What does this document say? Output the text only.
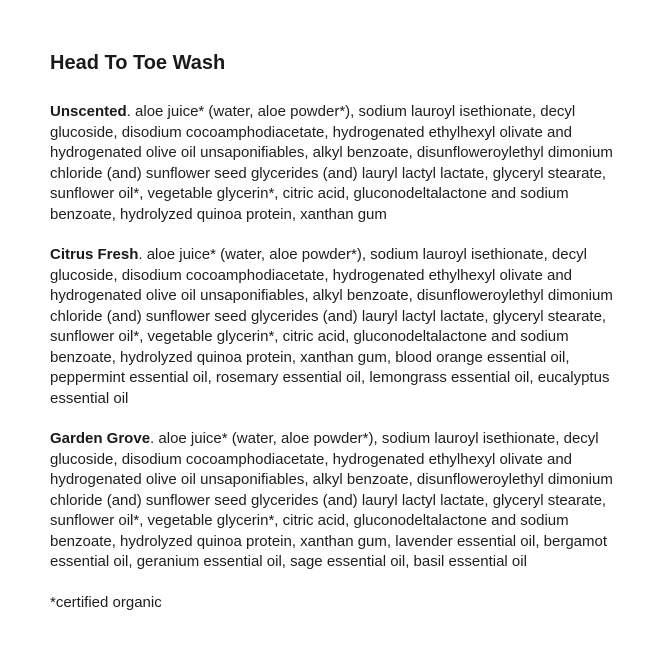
Head To Toe Wash

Unscented. aloe juice* (water, aloe powder*), sodium lauroyl isethionate, decyl glucoside, disodium cocoamphodiacetate, hydrogenated ethylhexyl olivate and hydrogenated olive oil unsaponifiables, alkyl benzoate, disunfloweroylethyl dimonium chloride (and) sunflower seed glycerides (and) lauryl lactyl lactate, glyceryl stearate, sunflower oil*, vegetable glycerin*, citric acid, gluconodeltalactone and sodium benzoate, hydrolyzed quinoa protein, xanthan gum

Citrus Fresh. aloe juice* (water, aloe powder*), sodium lauroyl isethionate, decyl glucoside, disodium cocoamphodiacetate, hydrogenated ethylhexyl olivate and hydrogenated olive oil unsaponifiables, alkyl benzoate, disunfloweroylethyl dimonium chloride (and) sunflower seed glycerides (and) lauryl lactyl lactate, glyceryl stearate, sunflower oil*, vegetable glycerin*, citric acid, gluconodeltalactone and sodium benzoate, hydrolyzed quinoa protein, xanthan gum, blood orange essential oil, peppermint essential oil, rosemary essential oil, lemongrass essential oil, eucalyptus essential oil

Garden Grove. aloe juice* (water, aloe powder*), sodium lauroyl isethionate, decyl glucoside, disodium cocoamphodiacetate, hydrogenated ethylhexyl olivate and hydrogenated olive oil unsaponifiables, alkyl benzoate, disunfloweroylethyl dimonium chloride (and) sunflower seed glycerides (and) lauryl lactyl lactate, glyceryl stearate, sunflower oil*, vegetable glycerin*, citric acid, gluconodeltalactone and sodium benzoate, hydrolyzed quinoa protein, xanthan gum, lavender essential oil, bergamot essential oil, geranium essential oil, sage essential oil, basil essential oil

*certified organic
